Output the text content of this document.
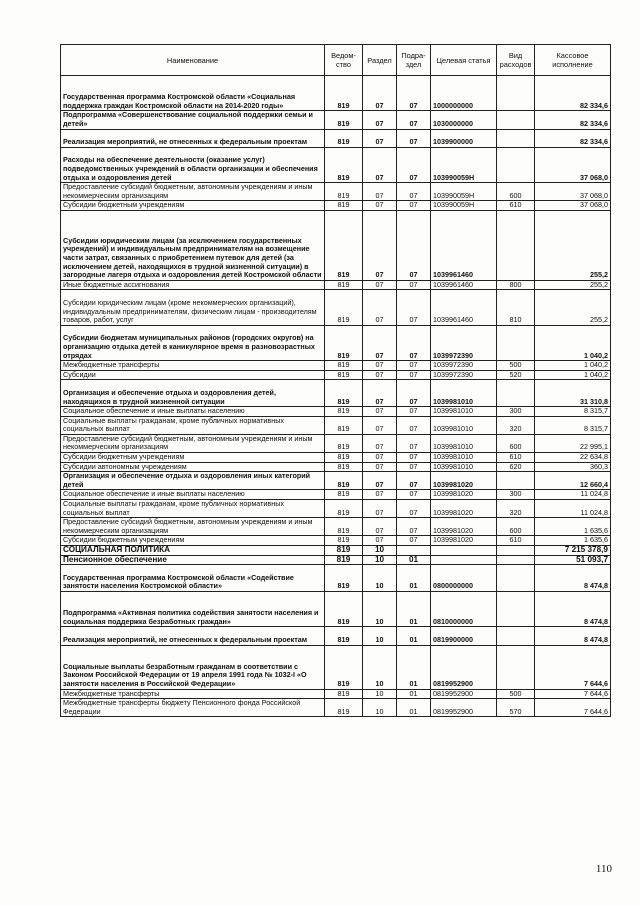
Наименование	Ведом-ство	Раздел	Подра-здел	Целевая статья	Вид расходов	Кассовое исполнение
Государственная программа Костромской области «Социальная поддержка граждан Костромской области на 2014-2020 годы»	819	07	07	1000000000		82 334,6
Подпрограмма «Совершенствование социальной поддержки семьи и детей»	819	07	07	1030000000		82 334,6
Реализация мероприятий, не отнесенных к федеральным проектам	819	07	07	1039900000		82 334,6
Расходы на обеспечение деятельности (оказание услуг) подведомственных учреждений в области организации и обеспечения отдыха и оздоровления детей	819	07	07	103990059Н		37 068,0
Предоставление субсидий бюджетным, автономным учреждениям и иным некоммерческим организациям	819	07	07	103990059Н	600	37 068,0
Субсидии бюджетным учреждениям	819	07	07	103990059Н	610	37 068,0
Субсидии юридическим лицам (за исключением государственных учреждений) и индивидуальным предпринимателям на возмещение части затрат, связанных с приобретением путевок для детей (за исключением детей, находящихся в трудной жизненной ситуации) в загородные лагеря отдыха и оздоровления детей Костромской области	819	07	07	1039961460		255,2
Иные бюджетные ассигнования	819	07	07	1039961460	800	255,2
Субсидии юридическим лицам (кроме некоммерческих организаций), индивидуальным предпринимателям, физическим лицам - производителям товаров, работ, услуг	819	07	07	1039961460	810	255,2
Субсидии бюджетам муниципальных районов (городских округов) на организацию отдыха детей в каникулярное время в разновозрастных отрядах	819	07	07	1039972390		1 040,2
Межбюджетные трансферты	819	07	07	1039972390	500	1 040,2
Субсидии	819	07	07	1039972390	520	1 040,2
Организация и обеспечение отдыха и оздоровления детей, находящихся в трудной жизненной ситуации	819	07	07	1039981010		31 310,8
Социальное обеспечение и иные выплаты населению	819	07	07	1039981010	300	8 315,7
Социальные выплаты гражданам, кроме публичных нормативных социальных выплат	819	07	07	1039981010	320	8 315,7
Предоставление субсидий бюджетным, автономным учреждениям и иным некоммерческим организациям	819	07	07	1039981010	600	22 995,1
Субсидии бюджетным учреждениям	819	07	07	1039981010	610	22 634,8
Субсидии автономным учреждениям	819	07	07	1039981010	620	360,3
Организация и обеспечение отдыха и оздоровления иных категорий детей	819	07	07	1039981020		12 660,4
Социальное обеспечение и иные выплаты населению	819	07	07	1039981020	300	11 024,8
Социальные выплаты гражданам, кроме публичных нормативных социальных выплат	819	07	07	1039981020	320	11 024,8
Предоставление субсидий бюджетным, автономным учреждениям и иным некоммерческим организациям	819	07	07	1039981020	600	1 635,6
Субсидии бюджетным учреждениям	819	07	07	1039981020	610	1 635,6
СОЦИАЛЬНАЯ ПОЛИТИКА	819	10				7 215 378,9
Пенсионное обеспечение	819	10	01			51 093,7
Государственная программа Костромской области «Содействие занятости населения Костромской области»	819	10	01	0800000000		8 474,8
Подпрограмма «Активная политика содействия занятости населения и социальная поддержка безработных граждан»	819	10	01	0810000000		8 474,8
Реализация мероприятий, не отнесенных к федеральным проектам	819	10	01	0819900000		8 474,8
Социальные выплаты безработным гражданам в соответствии с Законом Российской Федерации от 19 апреля 1991 года № 1032-I «О занятости населения в Российской Федерации»	819	10	01	0819952900		7 644,6
Межбюджетные трансферты	819	10	01	0819952900	500	7 644,6
Межбюджетные трансферты бюджету Пенсионного фонда Российской Федерации	819	10	01	0819952900	570	7 644,6
110
